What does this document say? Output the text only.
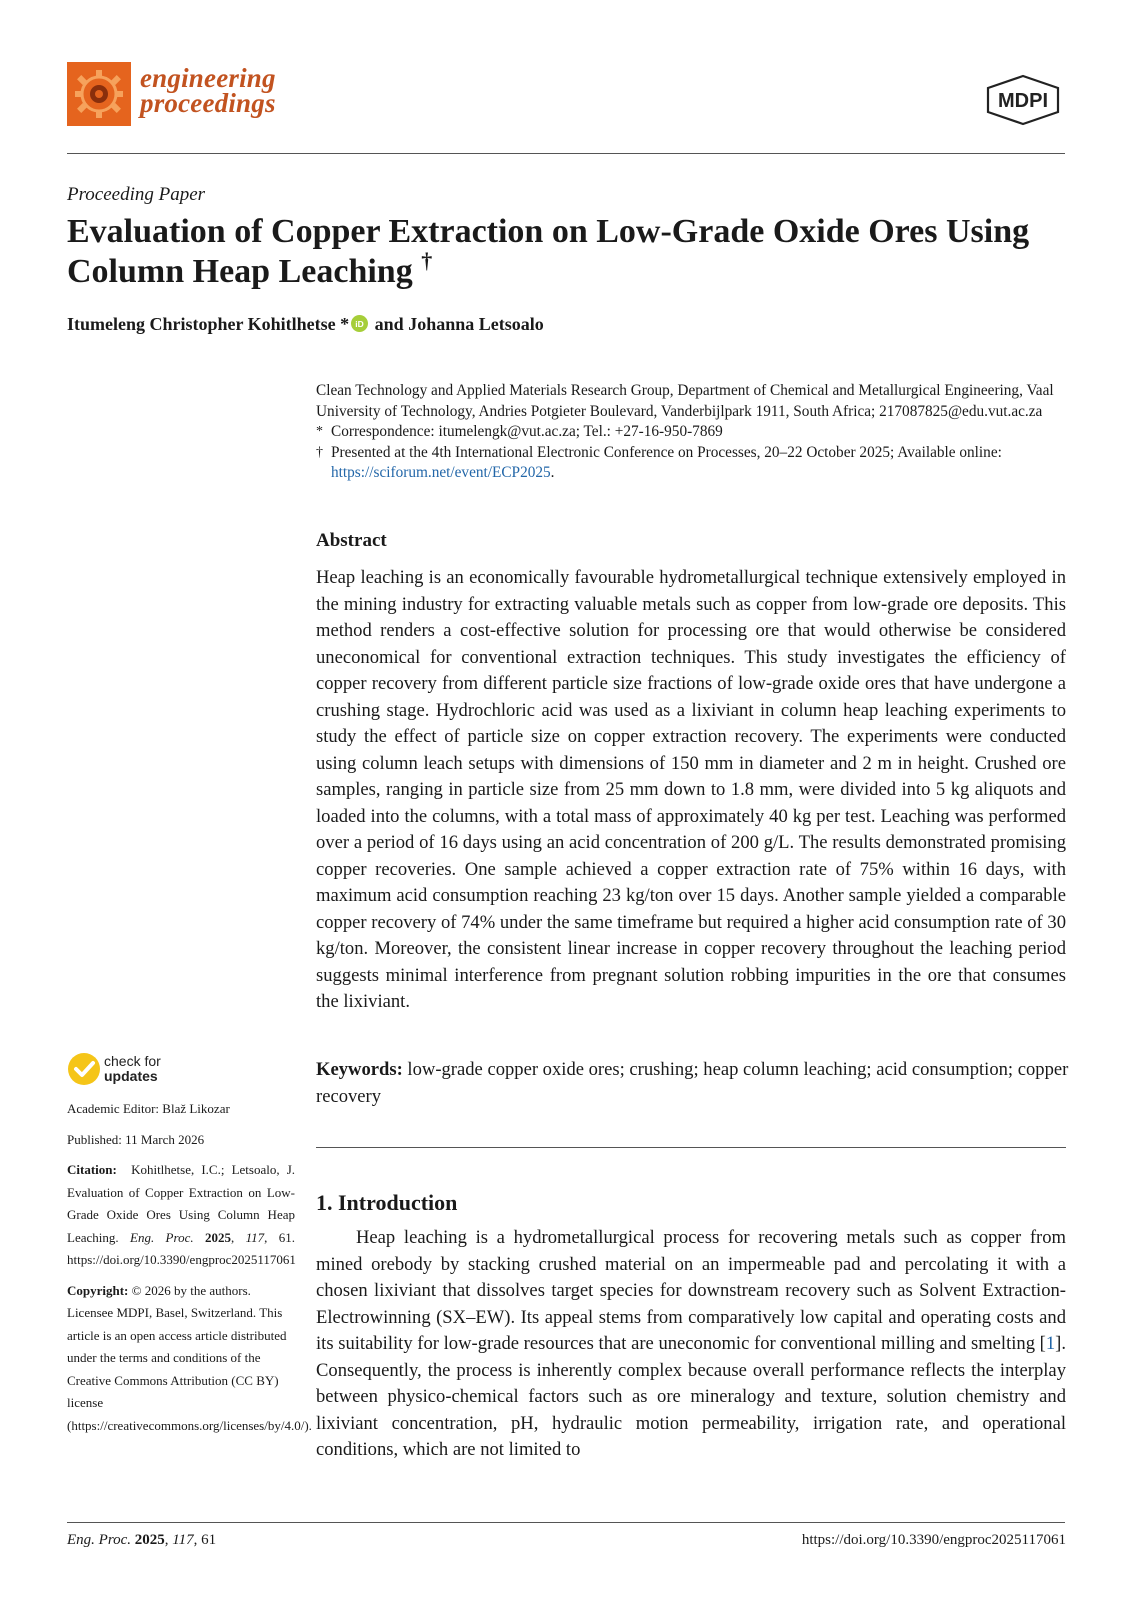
engineering
proceedings	MDPI
Proceeding Paper
Evaluation of Copper Extraction on Low-Grade Oxide Ores Using Column Heap Leaching †
Itumeleng Christopher Kohitlhetse * iD and Johanna Letsoalo
Clean Technology and Applied Materials Research Group, Department of Chemical and Metallurgical Engineering, Vaal University of Technology, Andries Potgieter Boulevard, Vanderbijlpark 1911, South Africa; 217087825@edu.vut.ac.za
* Correspondence: itumelengk@vut.ac.za; Tel.: +27-16-950-7869
† Presented at the 4th International Electronic Conference on Processes, 20–22 October 2025; Available online:
https://sciforum.net/event/ECP2025.
Abstract
Heap leaching is an economically favourable hydrometallurgical technique extensively employed in the mining industry for extracting valuable metals such as copper from low-grade ore deposits. This method renders a cost-effective solution for processing ore that would otherwise be considered uneconomical for conventional extraction techniques. This study investigates the efficiency of copper recovery from different particle size fractions of low-grade oxide ores that have undergone a crushing stage. Hydrochloric acid was used as a lixiviant in column heap leaching experiments to study the effect of particle size on copper extraction recovery. The experiments were conducted using column leach setups with dimensions of 150 mm in diameter and 2 m in height. Crushed ore samples, ranging in particle size from 25 mm down to 1.8 mm, were divided into 5 kg aliquots and loaded into the columns, with a total mass of approximately 40 kg per test. Leaching was performed over a period of 16 days using an acid concentration of 200 g/L. The results demonstrated promising copper recoveries. One sample achieved a copper extraction rate of 75% within 16 days, with maximum acid consumption reaching 23 kg/ton over 15 days. Another sample yielded a comparable copper recovery of 74% under the same timeframe but required a higher acid consumption rate of 30 kg/ton. Moreover, the consistent linear increase in copper recovery throughout the leaching period suggests minimal interference from pregnant solution robbing impurities in the ore that consumes the lixiviant.
Keywords: low-grade copper oxide ores; crushing; heap column leaching; acid consumption; copper recovery
1. Introduction

Heap leaching is a hydrometallurgical process for recovering metals such as copper from mined orebody by stacking crushed material on an impermeable pad and percolating it with a chosen lixiviant that dissolves target species for downstream recovery such as Solvent Extraction-Electrowinning (SX–EW). Its appeal stems from comparatively low capital and operating costs and its suitability for low-grade resources that are uneconomic for conventional milling and smelting [1]. Consequently, the process is inherently complex because overall performance reflects the interplay between physico-chemical factors such as ore mineralogy and texture, solution chemistry and lixiviant concentration, pH, hydraulic motion permeability, irrigation rate, and operational conditions, which are not limited to

check for
updates

Academic Editor: Blaž Likozar

Published: 11 March 2026

Citation: Kohitlhetse, I.C.; Letsoalo, J. Evaluation of Copper Extraction on Low-Grade Oxide Ores Using Column Heap Leaching. Eng. Proc. 2025, 117, 61. https://doi.org/10.3390/engproc2025117061

Copyright: © 2026 by the authors. Licensee MDPI, Basel, Switzerland. This article is an open access article distributed under the terms and conditions of the Creative Commons Attribution (CC BY) license (https://creativecommons.org/licenses/by/4.0/).

Eng. Proc. 2025, 117, 61	https://doi.org/10.3390/engproc2025117061
